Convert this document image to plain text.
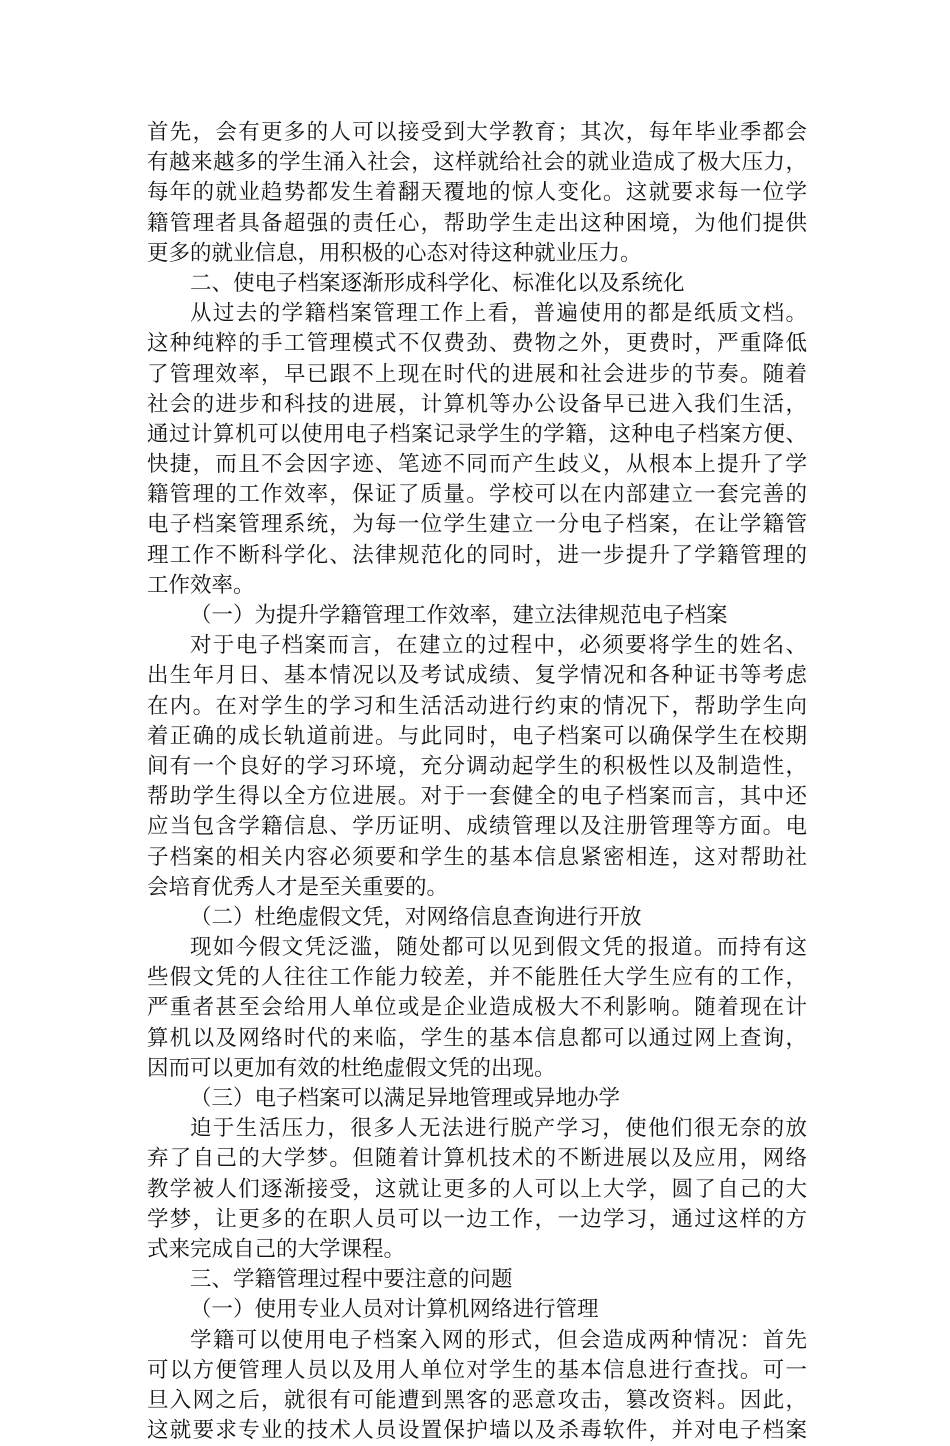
首先，会有更多的人可以接受到大学教育；其次，每年毕业季都会
有越来越多的学生涌入社会，这样就给社会的就业造成了极大压力，
每年的就业趋势都发生着翻天覆地的惊人变化。这就要求每一位学
籍管理者具备超强的责任心，帮助学生走出这种困境，为他们提供
更多的就业信息，用积极的心态对待这种就业压力。
二、使电子档案逐渐形成科学化、标准化以及系统化
从过去的学籍档案管理工作上看，普遍使用的都是纸质文档。
这种纯粹的手工管理模式不仅费劲、费物之外，更费时，严重降低
了管理效率，早已跟不上现在时代的进展和社会进步的节奏。随着
社会的进步和科技的进展，计算机等办公设备早已进入我们生活，
通过计算机可以使用电子档案记录学生的学籍，这种电子档案方便、
快捷，而且不会因字迹、笔迹不同而产生歧义，从根本上提升了学
籍管理的工作效率，保证了质量。学校可以在内部建立一套完善的
电子档案管理系统，为每一位学生建立一分电子档案，在让学籍管
理工作不断科学化、法律规范化的同时，进一步提升了学籍管理的
工作效率。
（一）为提升学籍管理工作效率，建立法律规范电子档案
对于电子档案而言，在建立的过程中，必须要将学生的姓名、
出生年月日、基本情况以及考试成绩、复学情况和各种证书等考虑
在内。在对学生的学习和生活活动进行约束的情况下，帮助学生向
着正确的成长轨道前进。与此同时，电子档案可以确保学生在校期
间有一个良好的学习环境，充分调动起学生的积极性以及制造性，
帮助学生得以全方位进展。对于一套健全的电子档案而言，其中还
应当包含学籍信息、学历证明、成绩管理以及注册管理等方面。电
子档案的相关内容必须要和学生的基本信息紧密相连，这对帮助社
会培育优秀人才是至关重要的。
（二）杜绝虚假文凭，对网络信息查询进行开放
现如今假文凭泛滥，随处都可以见到假文凭的报道。而持有这
些假文凭的人往往工作能力较差，并不能胜任大学生应有的工作，
严重者甚至会给用人单位或是企业造成极大不利影响。随着现在计
算机以及网络时代的来临，学生的基本信息都可以通过网上查询，
因而可以更加有效的杜绝虚假文凭的出现。
（三）电子档案可以满足异地管理或异地办学
迫于生活压力，很多人无法进行脱产学习，使他们很无奈的放
弃了自己的大学梦。但随着计算机技术的不断进展以及应用，网络
教学被人们逐渐接受，这就让更多的人可以上大学，圆了自己的大
学梦，让更多的在职人员可以一边工作，一边学习，通过这样的方
式来完成自己的大学课程。
三、学籍管理过程中要注意的问题
（一）使用专业人员对计算机网络进行管理
学籍可以使用电子档案入网的形式，但会造成两种情况：首先
可以方便管理人员以及用人单位对学生的基本信息进行查找。可一
旦入网之后，就很有可能遭到黑客的恶意攻击，篡改资料。因此，
这就要求专业的技术人员设置保护墙以及杀毒软件，并对电子档案
